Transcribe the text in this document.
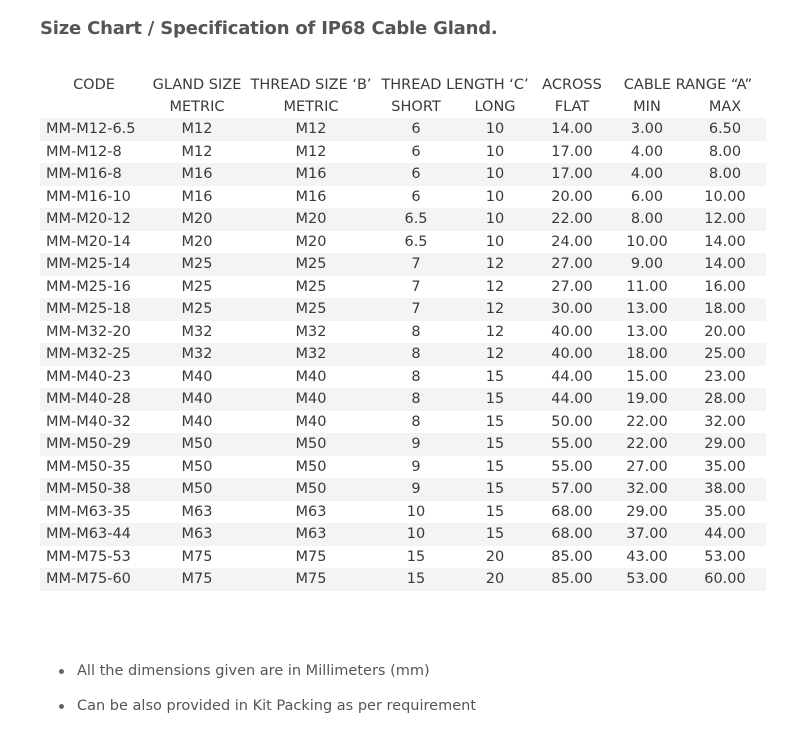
Size Chart / Specification of IP68 Cable Gland.
CODE	GLAND SIZE	THREAD SIZE ‘B’	THREAD LENGTH ‘C’		ACROSS	CABLE RANGE “A”	
	METRIC	METRIC	SHORT	LONG	FLAT	MIN	MAX
MM-M12-6.5	M12	M12	6	10	14.00	3.00	6.50
MM-M12-8	M12	M12	6	10	17.00	4.00	8.00
MM-M16-8	M16	M16	6	10	17.00	4.00	8.00
MM-M16-10	M16	M16	6	10	20.00	6.00	10.00
MM-M20-12	M20	M20	6.5	10	22.00	8.00	12.00
MM-M20-14	M20	M20	6.5	10	24.00	10.00	14.00
MM-M25-14	M25	M25	7	12	27.00	9.00	14.00
MM-M25-16	M25	M25	7	12	27.00	11.00	16.00
MM-M25-18	M25	M25	7	12	30.00	13.00	18.00
MM-M32-20	M32	M32	8	12	40.00	13.00	20.00
MM-M32-25	M32	M32	8	12	40.00	18.00	25.00
MM-M40-23	M40	M40	8	15	44.00	15.00	23.00
MM-M40-28	M40	M40	8	15	44.00	19.00	28.00
MM-M40-32	M40	M40	8	15	50.00	22.00	32.00
MM-M50-29	M50	M50	9	15	55.00	22.00	29.00
MM-M50-35	M50	M50	9	15	55.00	27.00	35.00
MM-M50-38	M50	M50	9	15	57.00	32.00	38.00
MM-M63-35	M63	M63	10	15	68.00	29.00	35.00
MM-M63-44	M63	M63	10	15	68.00	37.00	44.00
MM-M75-53	M75	M75	15	20	85.00	43.00	53.00
MM-M75-60	M75	M75	15	20	85.00	53.00	60.00
All the dimensions given are in Millimeters (mm)
Can be also provided in Kit Packing as per requirement
